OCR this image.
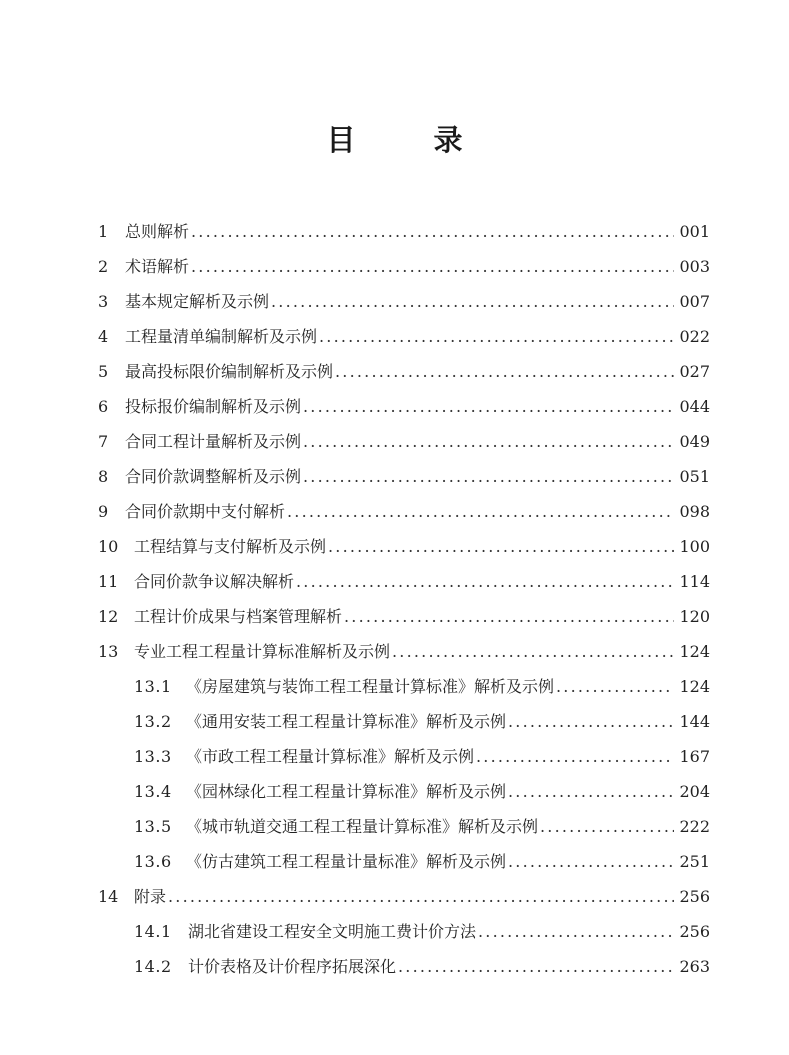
目 录
1	总则解析 .....	001
2	术语解析 .....	003
3	基本规定解析及示例 .....	007
4	工程量清单编制解析及示例 .....	022
5	最高投标限价编制解析及示例 .....	027
6	投标报价编制解析及示例 .....	044
7	合同工程计量解析及示例 .....	049
8	合同价款调整解析及示例 .....	051
9	合同价款期中支付解析 .....	098
10 工程结算与支付解析及示例 .....	100
11 合同价款争议解决解析 .....	114
12 工程计价成果与档案管理解析 .....	120
13 专业工程工程量计算标准解析及示例 .....	124
13.1 《房屋建筑与装饰工程工程量计算标准》解析及示例 .....	124
13.2 《通用安装工程工程量计算标准》解析及示例 .....	144
13.3 《市政工程工程量计算标准》解析及示例 .....	167
13.4 《园林绿化工程工程量计算标准》解析及示例 .....	204
13.5 《城市轨道交通工程工程量计算标准》解析及示例 .....	222
13.6 《仿古建筑工程工程量计量标准》解析及示例 .....	251
14 附录 .....	256
14.1	湖北省建设工程安全文明施工费计价方法 .....	256
14.2	计价表格及计价程序拓展深化 .....	263
